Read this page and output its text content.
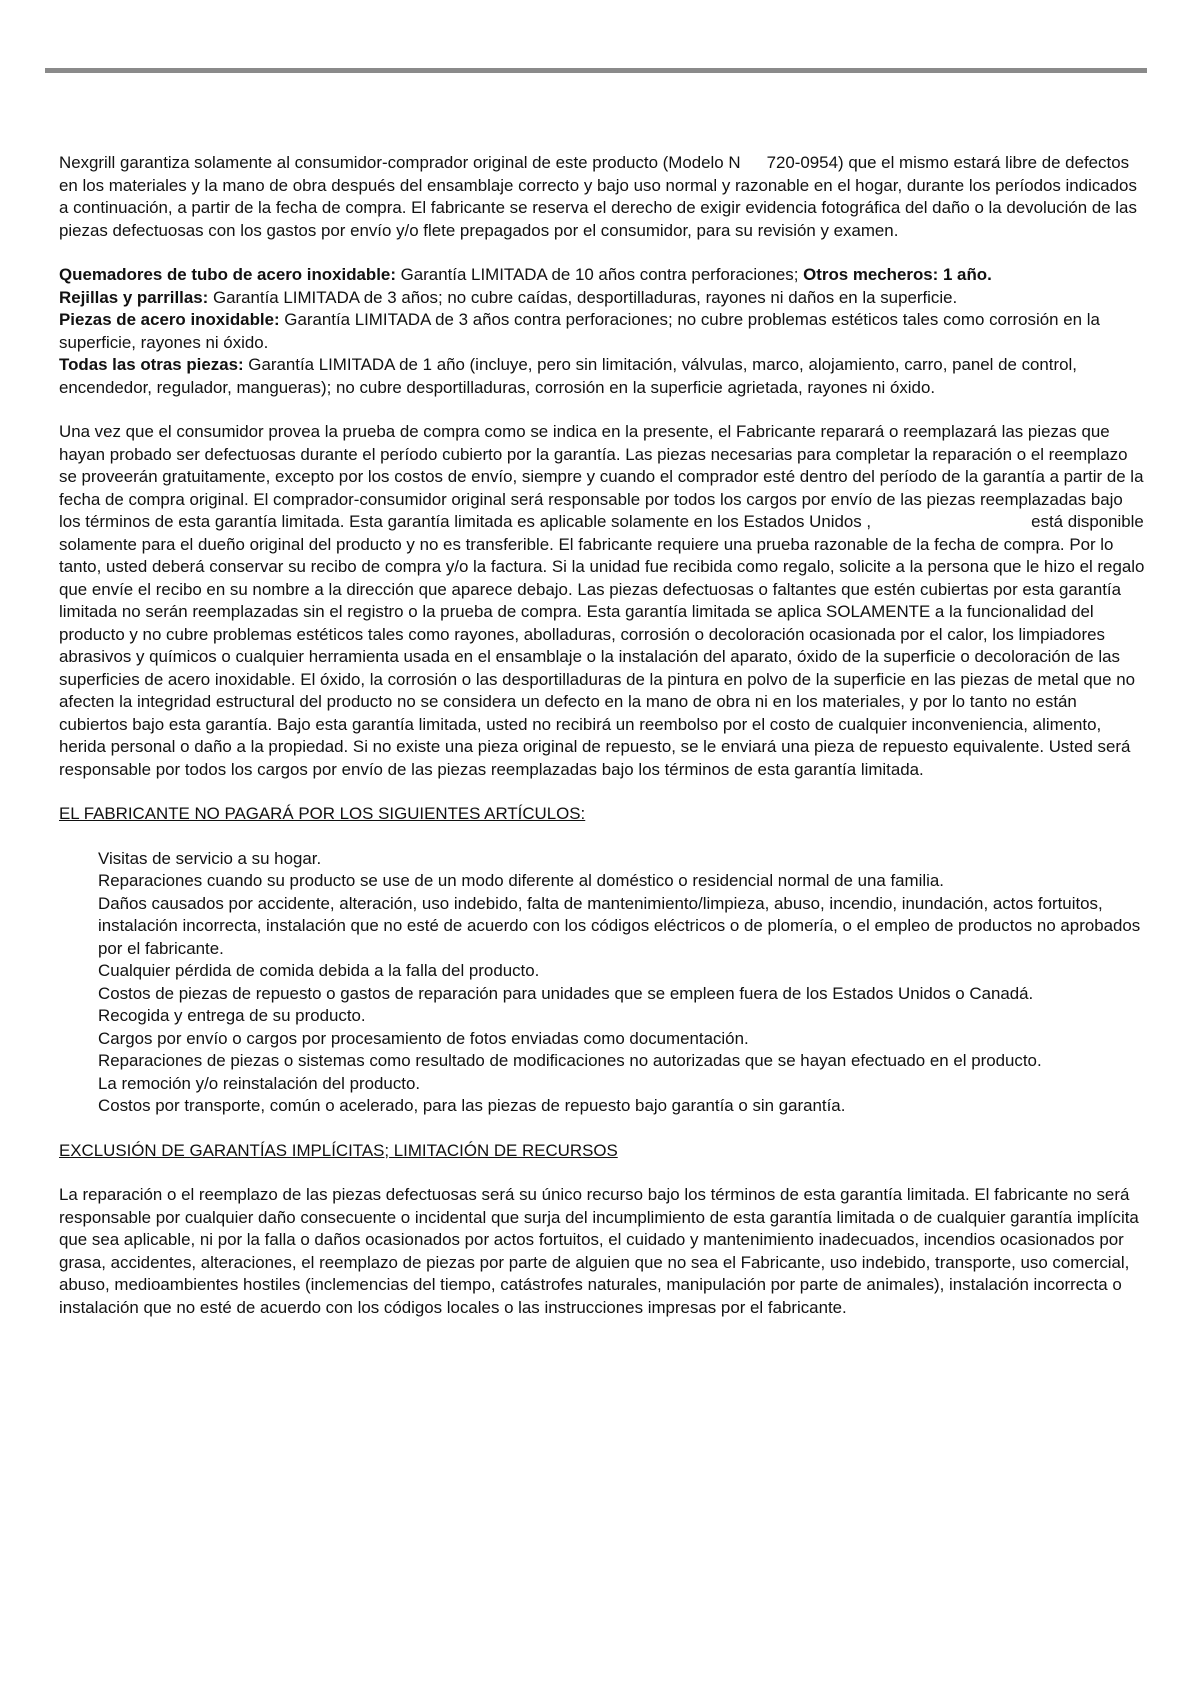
Nexgrill garantiza solamente al consumidor-comprador original de este producto (Modelo N 720-0954) que el mismo estará libre de defectos en los materiales y la mano de obra después del ensamblaje correcto y bajo uso normal y razonable en el hogar, durante los períodos indicados a continuación, a partir de la fecha de compra. El fabricante se reserva el derecho de exigir evidencia fotográfica del daño o la devolución de las piezas defectuosas con los gastos por envío y/o flete prepagados por el consumidor, para su revisión y examen.

Quemadores de tubo de acero inoxidable: Garantía LIMITADA de 10 años contra perforaciones; Otros mecheros: 1 año.

Rejillas y parrillas: Garantía LIMITADA de 3 años; no cubre caídas, desportilladuras, rayones ni daños en la superficie.

Piezas de acero inoxidable: Garantía LIMITADA de 3 años contra perforaciones; no cubre problemas estéticos tales como corrosión en la superficie, rayones ni óxido.

Todas las otras piezas: Garantía LIMITADA de 1 año (incluye, pero sin limitación, válvulas, marco, alojamiento, carro, panel de control, encendedor, regulador, mangueras); no cubre desportilladuras, corrosión en la superficie agrietada, rayones ni óxido.

Una vez que el consumidor provea la prueba de compra como se indica en la presente, el Fabricante reparará o reemplazará las piezas que hayan probado ser defectuosas durante el período cubierto por la garantía. Las piezas necesarias para completar la reparación o el reemplazo se proveerán gratuitamente, excepto por los costos de envío, siempre y cuando el comprador esté dentro del período de la garantía a partir de la fecha de compra original. El comprador-consumidor original será responsable por todos los cargos por envío de las piezas reemplazadas bajo los términos de esta garantía limitada. Esta garantía limitada es aplicable solamente en los Estados Unidos ,	está disponible solamente para el dueño original del producto y no es transferible. El fabricante requiere una prueba razonable de la fecha de compra. Por lo tanto, usted deberá conservar su recibo de compra y/o la factura. Si la unidad fue recibida como regalo, solicite a la persona que le hizo el regalo que envíe el recibo en su nombre a la dirección que aparece debajo. Las piezas defectuosas o faltantes que estén cubiertas por esta garantía limitada no serán reemplazadas sin el registro o la prueba de compra. Esta garantía limitada se aplica SOLAMENTE a la funcionalidad del producto y no cubre problemas estéticos tales como rayones, abolladuras, corrosión o decoloración ocasionada por el calor, los limpiadores abrasivos y químicos o cualquier herramienta usada en el ensamblaje o la instalación del aparato, óxido de la superficie o decoloración de las superficies de acero inoxidable. El óxido, la corrosión o las desportilladuras de la pintura en polvo de la superficie en las piezas de metal que no afecten la integridad estructural del producto no se considera un defecto en la mano de obra ni en los materiales, y por lo tanto no están cubiertos bajo esta garantía. Bajo esta garantía limitada, usted no recibirá un reembolso por el costo de cualquier inconveniencia, alimento, herida personal o daño a la propiedad. Si no existe una pieza original de repuesto, se le enviará una pieza de repuesto equivalente. Usted será responsable por todos los cargos por envío de las piezas reemplazadas bajo los términos de esta garantía limitada.

EL FABRICANTE NO PAGARÁ POR LOS SIGUIENTES ARTÍCULOS:

Visitas de servicio a su hogar.
Reparaciones cuando su producto se use de un modo diferente al doméstico o residencial normal de una familia.
Daños causados por accidente, alteración, uso indebido, falta de mantenimiento/limpieza, abuso, incendio, inundación, actos fortuitos, instalación incorrecta, instalación que no esté de acuerdo con los códigos eléctricos o de plomería, o el empleo de productos no aprobados por el fabricante.
Cualquier pérdida de comida debida a la falla del producto.
Costos de piezas de repuesto o gastos de reparación para unidades que se empleen fuera de los Estados Unidos o Canadá.
Recogida y entrega de su producto.
Cargos por envío o cargos por procesamiento de fotos enviadas como documentación.
Reparaciones de piezas o sistemas como resultado de modificaciones no autorizadas que se hayan efectuado en el producto.
La remoción y/o reinstalación del producto.
Costos por transporte, común o acelerado, para las piezas de repuesto bajo garantía o sin garantía.

EXCLUSIÓN DE GARANTÍAS IMPLÍCITAS; LIMITACIÓN DE RECURSOS

La reparación o el reemplazo de las piezas defectuosas será su único recurso bajo los términos de esta garantía limitada. El fabricante no será responsable por cualquier daño consecuente o incidental que surja del incumplimiento de esta garantía limitada o de cualquier garantía implícita que sea aplicable, ni por la falla o daños ocasionados por actos fortuitos, el cuidado y mantenimiento inadecuados, incendios ocasionados por grasa, accidentes, alteraciones, el reemplazo de piezas por parte de alguien que no sea el Fabricante, uso indebido, transporte, uso comercial, abuso, medioambientes hostiles (inclemencias del tiempo, catástrofes naturales, manipulación por parte de animales), instalación incorrecta o instalación que no esté de acuerdo con los códigos locales o las instrucciones impresas por el fabricante.
